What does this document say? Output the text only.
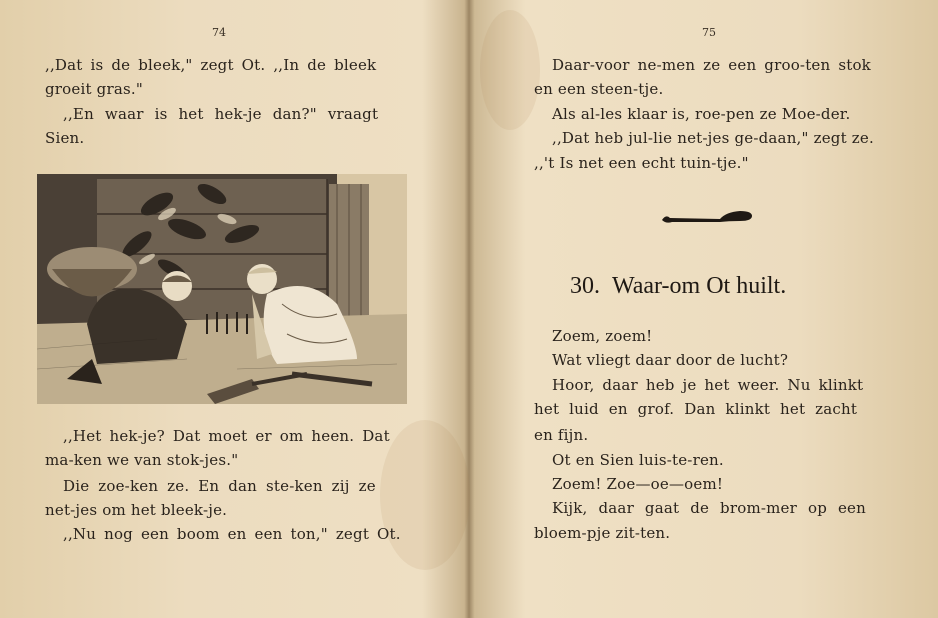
74
,,Dat is de bleek," zegt Ot. ,,In de bleek
groeit gras."
,,En waar is het hek-je dan?" vraagt
Sien.
,,Het hek-je? Dat moet er om heen. Dat
ma-ken we van stok-jes."
Die zoe-ken ze. En dan ste-ken zij ze
net-jes om het bleek-je.
,,Nu nog een boom en een ton," zegt Ot.
75
Daar-voor ne-men ze een groo-ten stok
en een steen-tje.
Als al-les klaar is, roe-pen ze Moe-der.
,,Dat heb jul-lie net-jes ge-daan," zegt ze.
,,'t Is net een echt tuin-tje."
30. Waar-om Ot huilt.
Zoem, zoem!
Wat vliegt daar door de lucht?
Hoor, daar heb je het weer. Nu klinkt
het luid en grof. Dan klinkt het zacht
en fijn.
Ot en Sien luis-te-ren.
Zoem! Zoe—oe—oem!
Kijk, daar gaat de brom-mer op een
bloem-pje zit-ten.
